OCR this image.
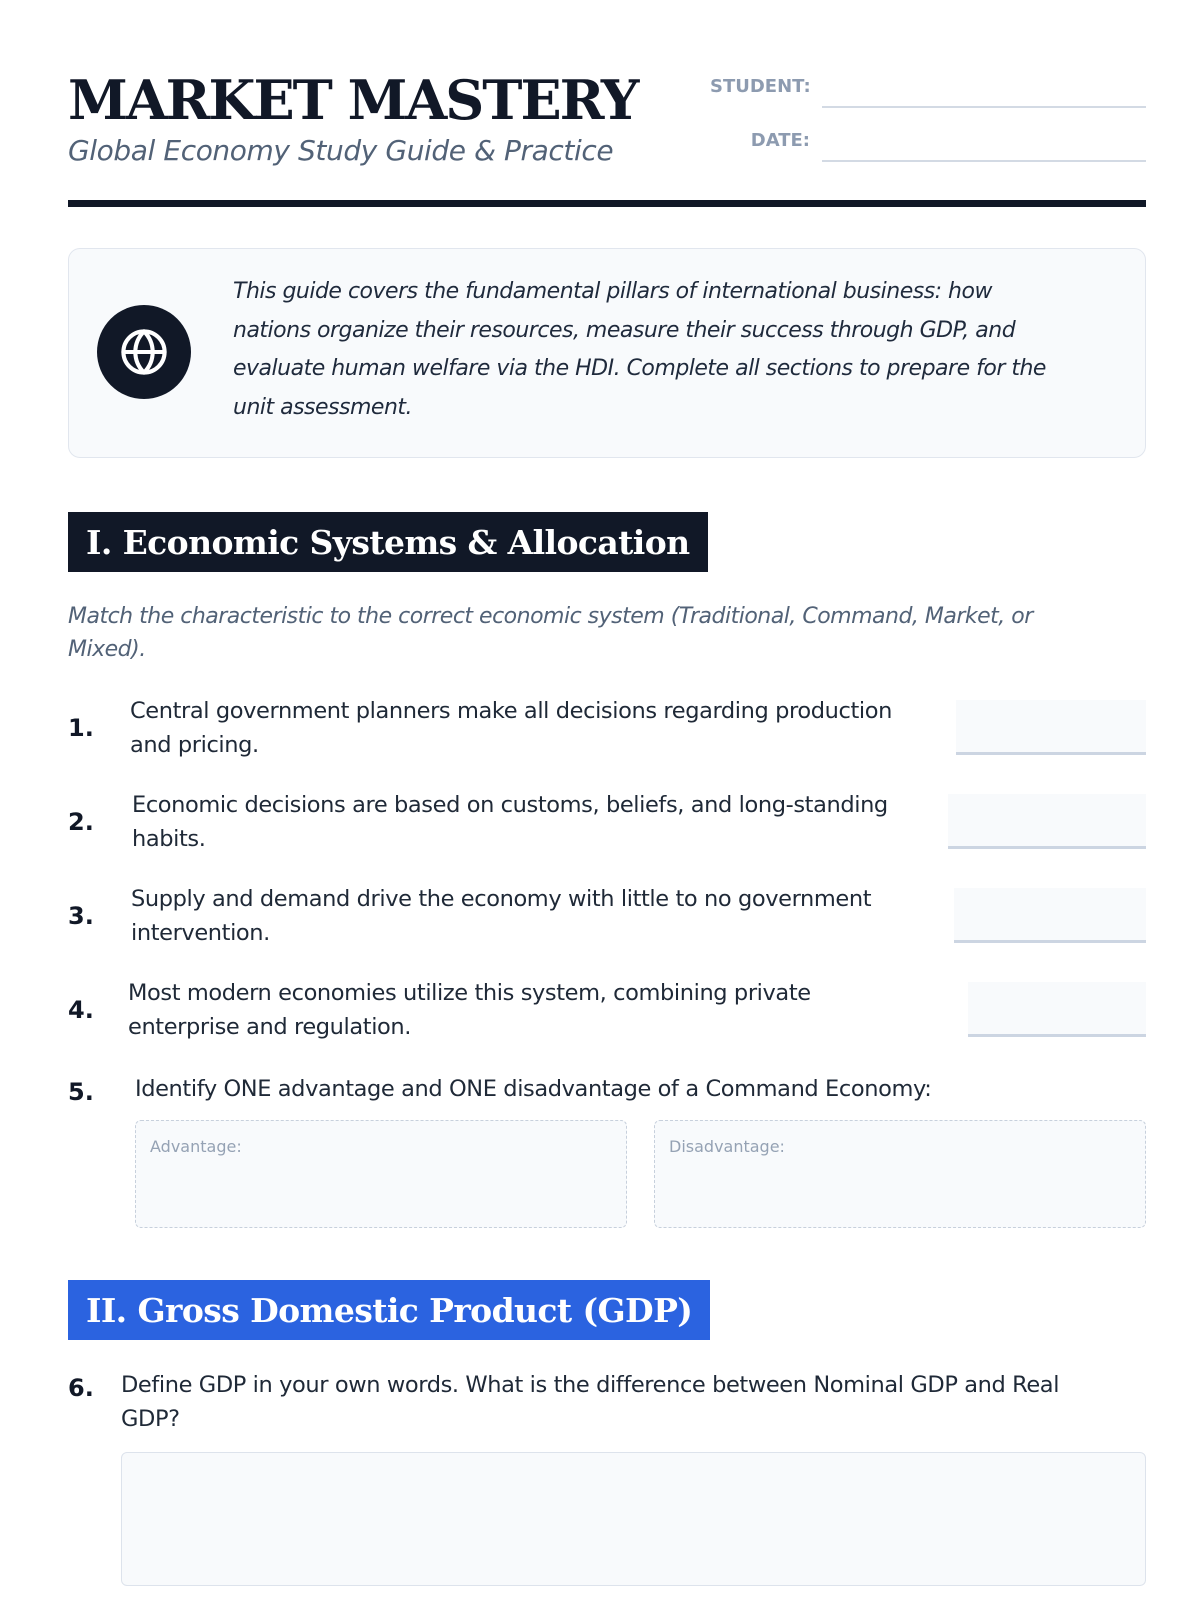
MARKET MASTERY
Global Economy Study Guide & Practice
STUDENT:
DATE:
This guide covers the fundamental pillars of international business: how
nations organize their resources, measure their success through GDP, and
evaluate human welfare via the HDI. Complete all sections to prepare for the
unit assessment.
I. Economic Systems & Allocation
Match the characteristic to the correct economic system (Traditional, Command, Market, or
Mixed).
1.
Central government planners make all decisions regarding production
and pricing.
2.
Economic decisions are based on customs, beliefs, and long-standing
habits.
3.
Supply and demand drive the economy with little to no government
intervention.
4.
Most modern economies utilize this system, combining private
enterprise and regulation.
5. Identify ONE advantage and ONE disadvantage of a Command Economy:
Advantage:	Disadvantage:
II. Gross Domestic Product (GDP)
6. Define GDP in your own words. What is the difference between Nominal GDP and Real
GDP?
